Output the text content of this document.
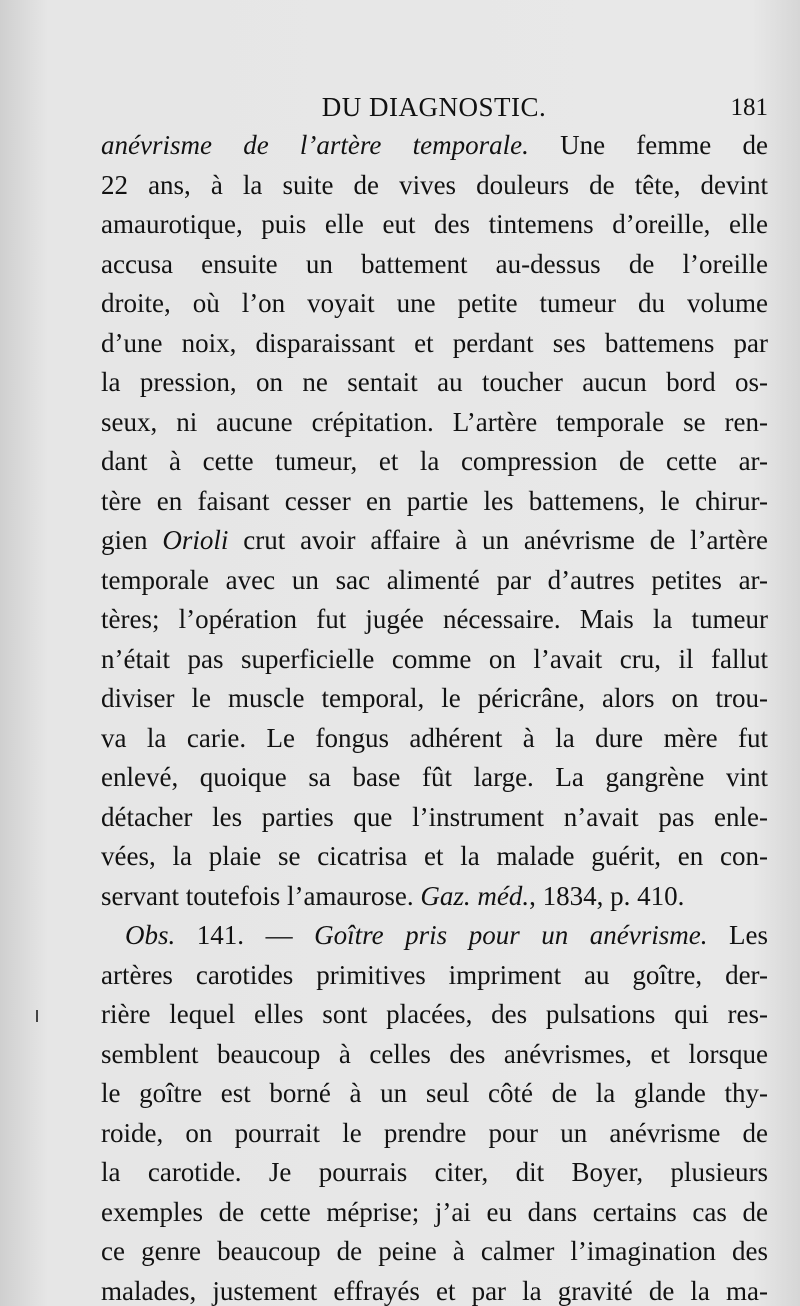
DU DIAGNOSTIC.	181
anévrisme de l’artère temporale. Une femme de
22 ans, à la suite de vives douleurs de tête, devint
amaurotique, puis elle eut des tintemens d’oreille, elle
accusa ensuite un battement au-dessus de l’oreille
droite, où l’on voyait une petite tumeur du volume
d’une noix, disparaissant et perdant ses battemens par
la pression, on ne sentait au toucher aucun bord os-
seux, ni aucune crépitation. L’artère temporale se ren-
dant à cette tumeur, et la compression de cette ar-
tère en faisant cesser en partie les battemens, le chirur-
gien Orioli crut avoir affaire à un anévrisme de l’artère
temporale avec un sac alimenté par d’autres petites ar-
tères; l’opération fut jugée nécessaire. Mais la tumeur
n’était pas superficielle comme on l’avait cru, il fallut
diviser le muscle temporal, le péricrâne, alors on trou-
va la carie. Le fongus adhérent à la dure mère fut
enlevé, quoique sa base fût large. La gangrène vint
détacher les parties que l’instrument n’avait pas enle-
vées, la plaie se cicatrisa et la malade guérit, en con-
servant toutefois l’amaurose. Gaz. méd., 1834, p. 410.
Obs. 141. — Goître pris pour un anévrisme. Les
artères carotides primitives impriment au goître, der-
rière lequel elles sont placées, des pulsations qui res-
semblent beaucoup à celles des anévrismes, et lorsque
le goître est borné à un seul côté de la glande thy-
roide, on pourrait le prendre pour un anévrisme de
la carotide. Je pourrais citer, dit Boyer, plusieurs
exemples de cette méprise; j’ai eu dans certains cas de
ce genre beaucoup de peine à calmer l’imagination des
malades, justement effrayés et par la gravité de la ma-
